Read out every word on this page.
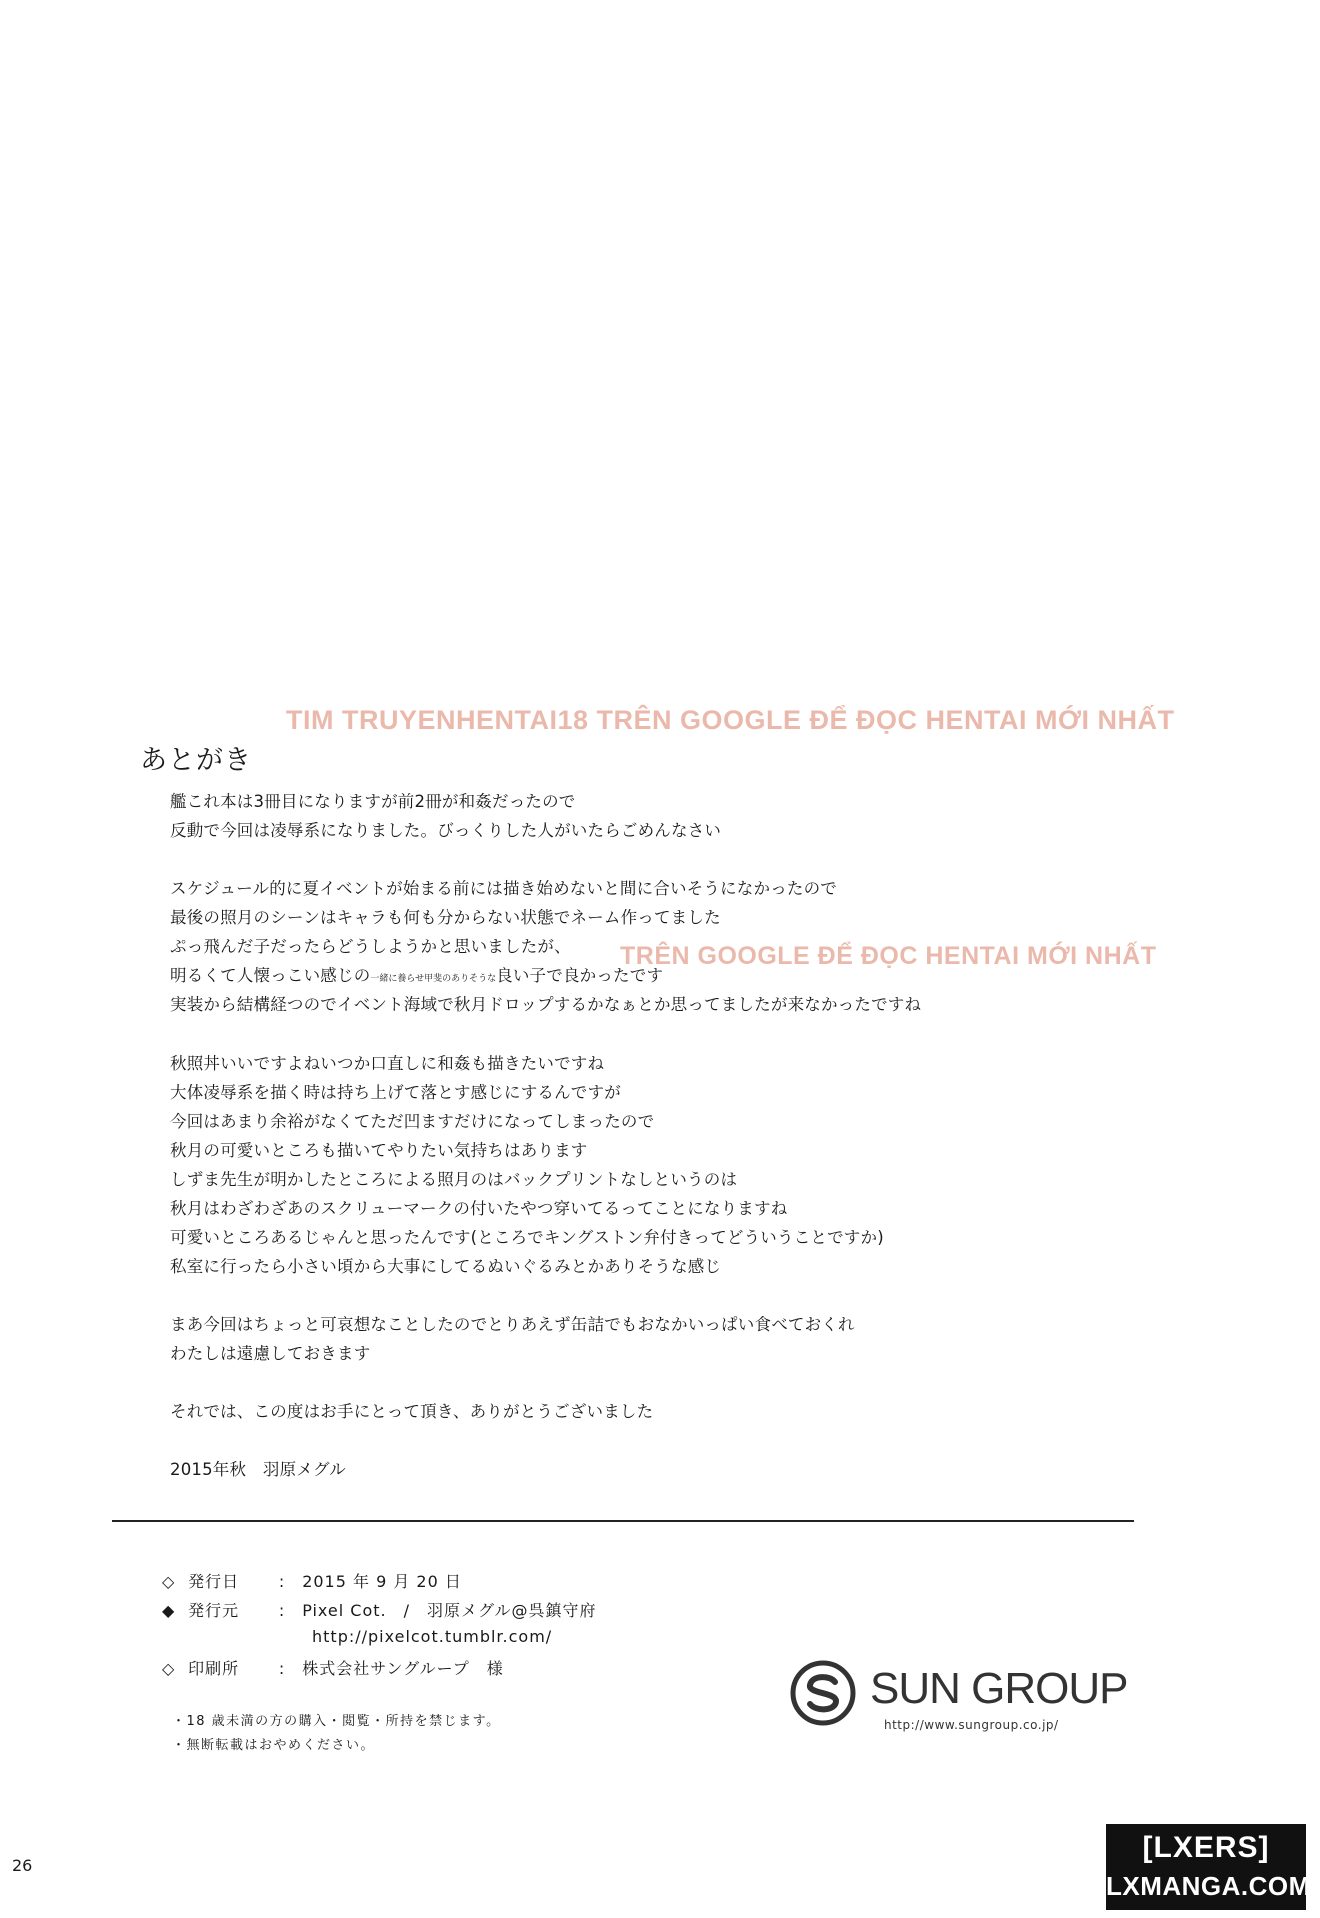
TIM TRUYENHENTAI18 TRÊN GOOGLE ĐỂ ĐỌC HENTAI MỚI NHẤT
あとがき
艦これ本は3冊目になりますが前2冊が和姦だったので
反動で今回は凌辱系になりました。びっくりした人がいたらごめんなさい
スケジュール的に夏イベントが始まる前には描き始めないと間に合いそうになかったので
最後の照月のシーンはキャラも何も分からない状態でネーム作ってました
ぷっ飛んだ子だったらどうしようかと思いましたが、
明るくて人懐っこい感じの一緒に養らせ甲斐のありそうな良い子で良かったです
実装から結構経つのでイベント海域で秋月ドロップするかなぁとか思ってましたが来なかったですね
TRÊN GOOGLE ĐỂ ĐỌC HENTAI MỚI NHẤT
秋照丼いいですよねいつか口直しに和姦も描きたいですね
大体凌辱系を描く時は持ち上げて落とす感じにするんですが
今回はあまり余裕がなくてただ凹ますだけになってしまったので
秋月の可愛いところも描いてやりたい気持ちはあります
しずま先生が明かしたところによる照月のはバックプリントなしというのは
秋月はわざわざあのスクリューマークの付いたやつ穿いてるってことになりますね
可愛いところあるじゃんと思ったんです(ところでキングストン弁付きってどういうことですか)
私室に行ったら小さい頃から大事にしてるぬいぐるみとかありそうな感じ
まあ今回はちょっと可哀想なことしたのでとりあえず缶詰でもおなかいっぱい食べておくれ
わたしは遠慮しておきます
それでは、この度はお手にとって頂き、ありがとうございました
2015年秋　羽原メグル
◇ 発行日 : 2015 年 9 月 20 日
◆ 発行元 : Pixel Cot.　/　羽原メグル@呉鎮守府
http://pixelcot.tumblr.com/
◇ 印刷所 : 株式会社サングループ　様
・18 歳未満の方の購入・閲覧・所持を禁じます。
・無断転載はおやめください。
SUN GROUP
http://www.sungroup.co.jp/
26
[LXERS]
LXMANGA.COM
